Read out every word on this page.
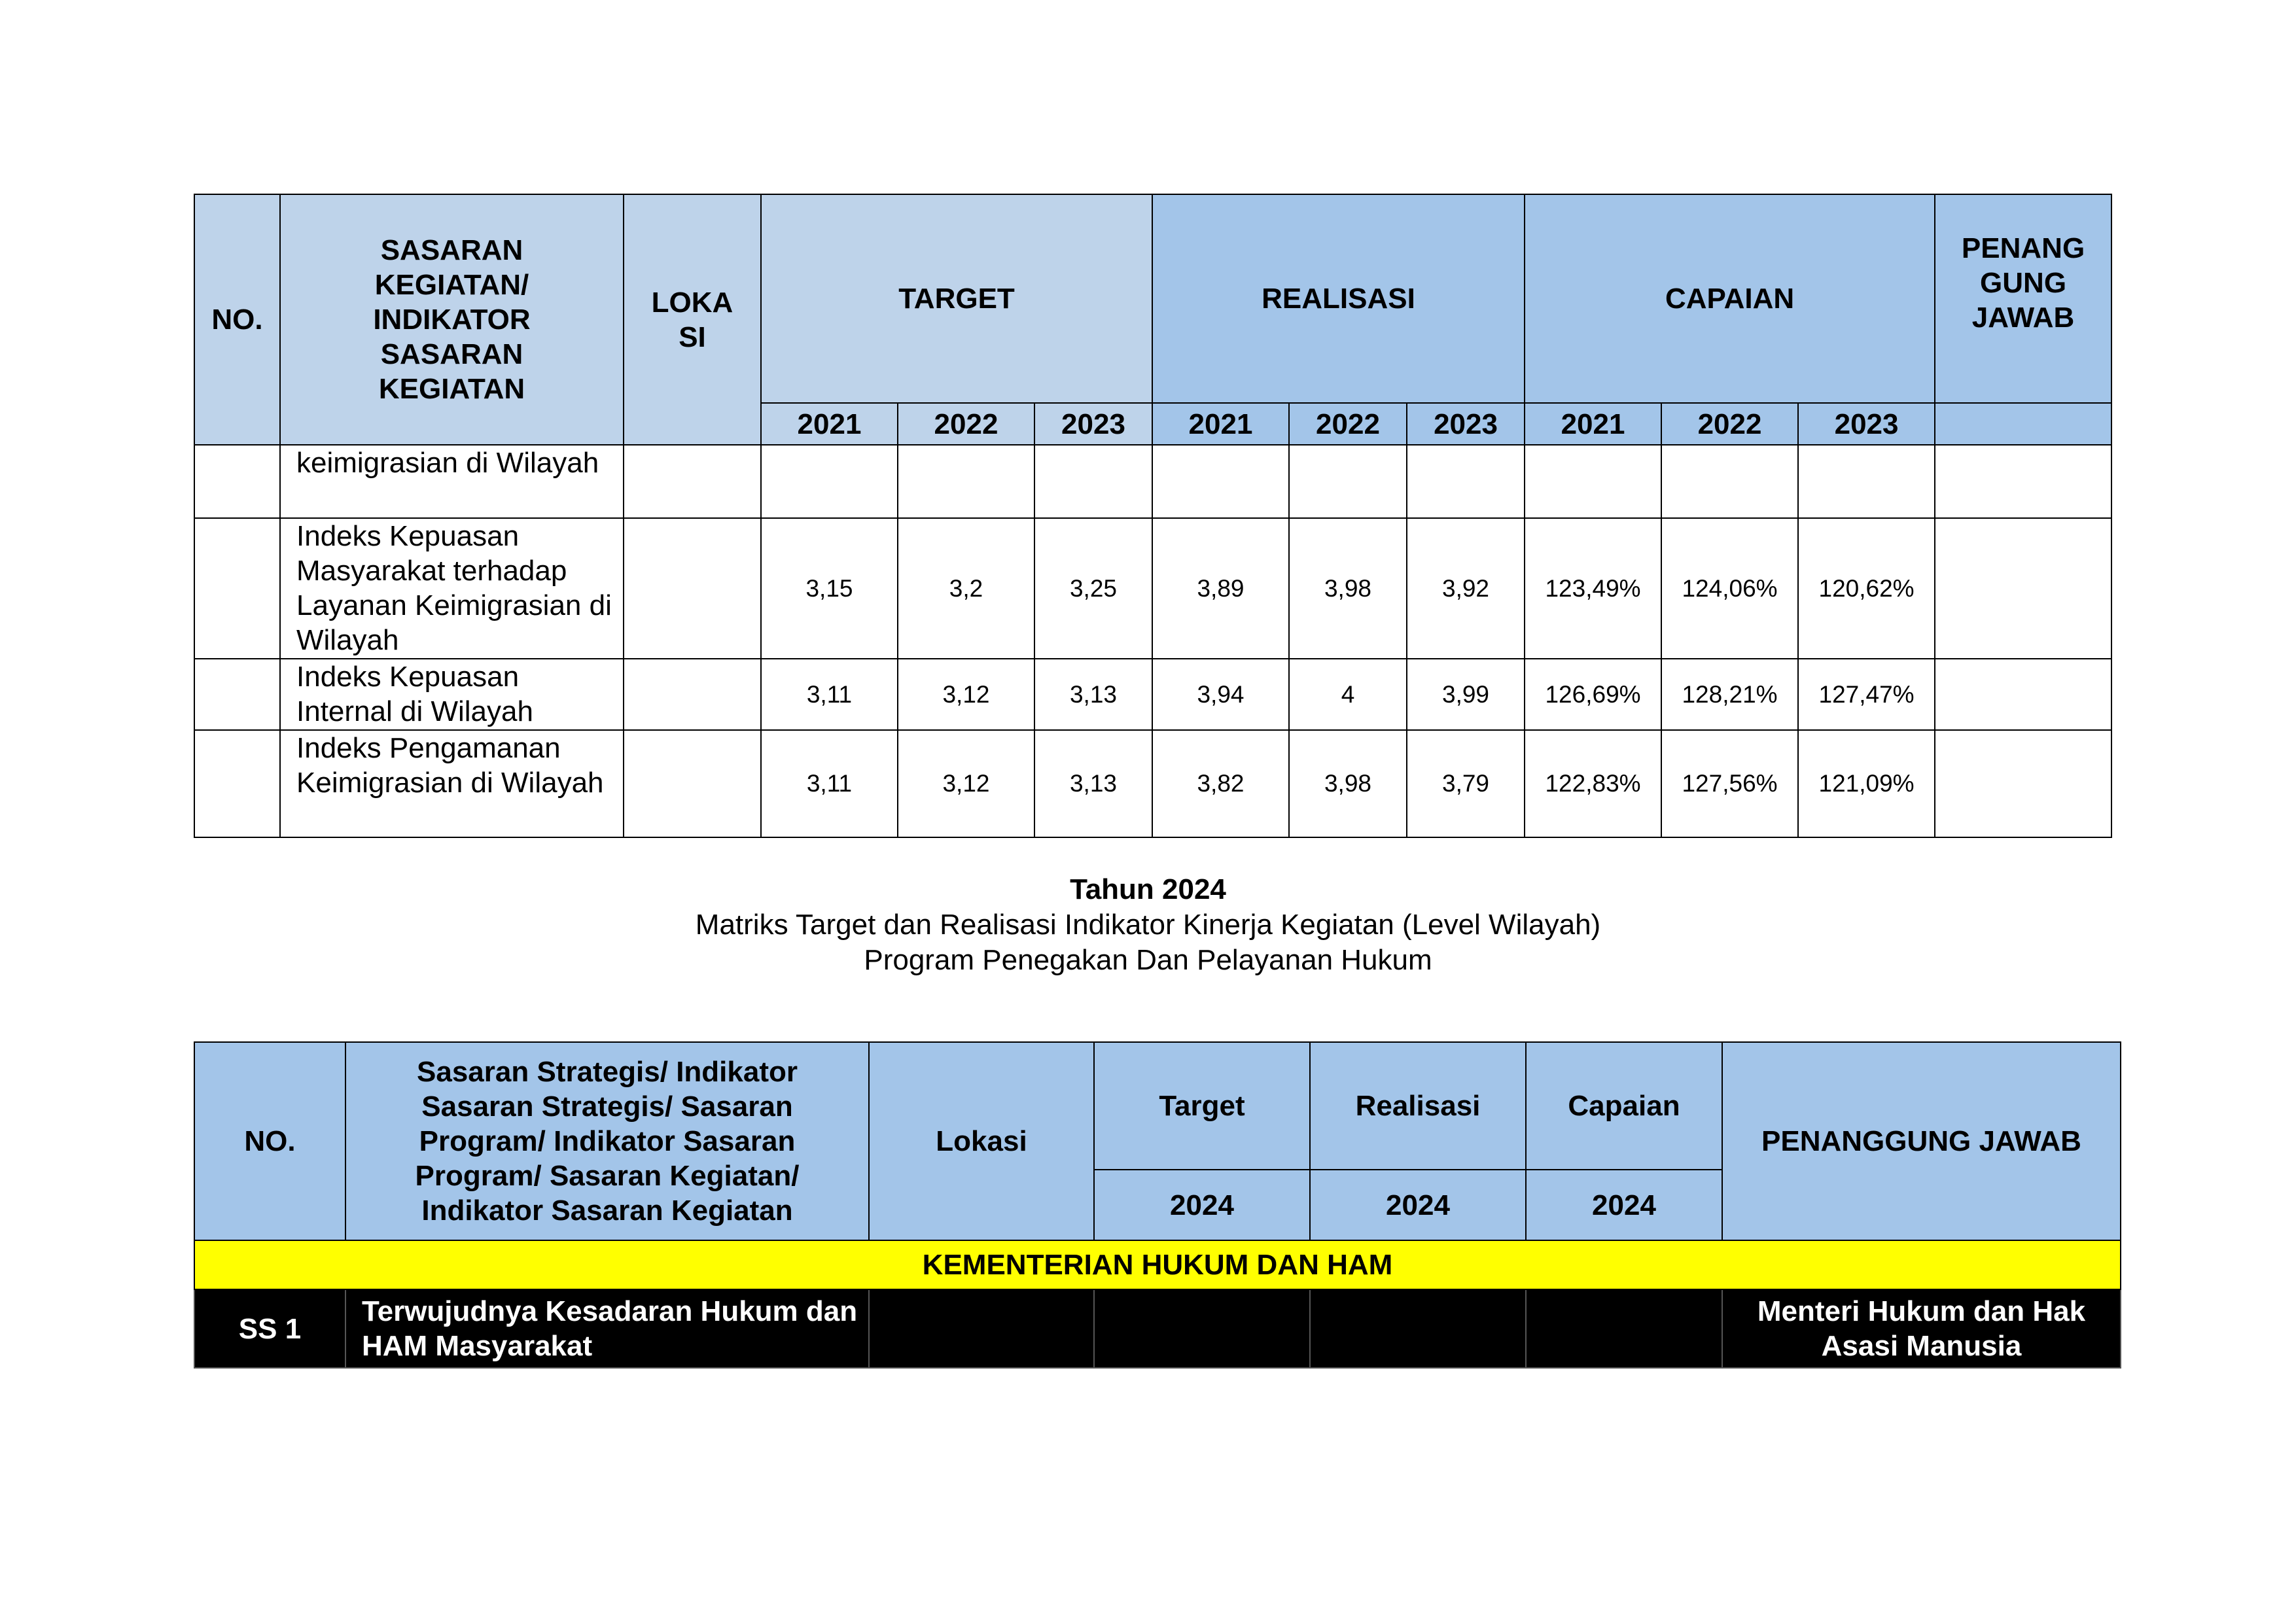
NO.	SASARAN KEGIATAN/ INDIKATOR SASARAN KEGIATAN	LOKA SI	TARGET			REALISASI			CAPAIAN			PENANG GUNG JAWAB
			2021	2022	2023	2021	2022	2023	2021	2022	2023	
	keimigrasian di Wilayah											
	Indeks Kepuasan Masyarakat terhadap Layanan Keimigrasian di Wilayah		3,15	3,2	3,25	3,89	3,98	3,92	123,49%	124,06%	120,62%	
	Indeks Kepuasan Internal di Wilayah		3,11	3,12	3,13	3,94	4	3,99	126,69%	128,21%	127,47%	
	Indeks Pengamanan Keimigrasian di Wilayah		3,11	3,12	3,13	3,82	3,98	3,79	122,83%	127,56%	121,09%	
Tahun 2024
Matriks Target dan Realisasi Indikator Kinerja Kegiatan (Level Wilayah)
Program Penegakan Dan Pelayanan Hukum
NO.	Sasaran Strategis/ Indikator Sasaran Strategis/ Sasaran Program/ Indikator Sasaran Program/ Sasaran Kegiatan/ Indikator Sasaran Kegiatan	Lokasi	Target	Realisasi	Capaian	PENANGGUNG JAWAB
			2024	2024	2024	
KEMENTERIAN HUKUM DAN HAM						
SS 1	Terwujudnya Kesadaran Hukum dan HAM Masyarakat					Menteri Hukum dan Hak Asasi Manusia
